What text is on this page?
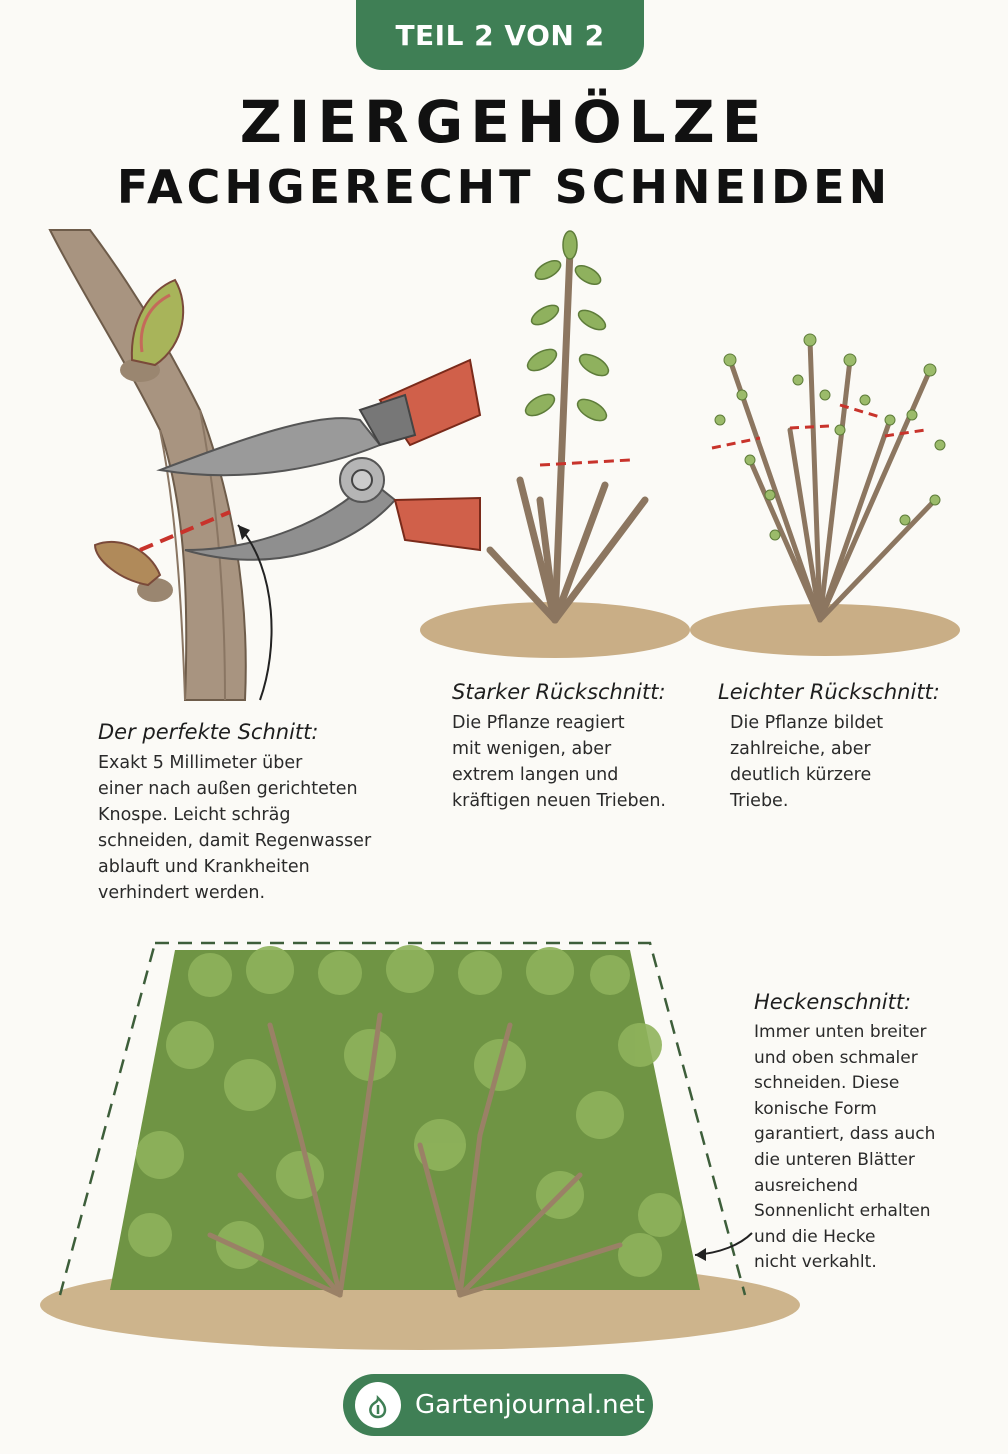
TEIL 2 VON 2
ZIERGEHÖLZE
FACHGERECHT SCHNEIDEN
Starker Rückschnitt:
Die Pflanze reagiert
mit wenigen, aber
extrem langen und
kräftigen neuen Trieben.
Leichter Rückschnitt:
Die Pflanze bildet
zahlreiche, aber
deutlich kürzere
Triebe.
Der perfekte Schnitt:
Exakt 5 Millimeter über
einer nach außen gerichteten
Knospe. Leicht schräg
schneiden, damit Regenwasser
ablauft und Krankheiten
verhindert werden.
Heckenschnitt:
Immer unten breiter
und oben schmaler
schneiden. Diese
konische Form
garantiert, dass auch
die unteren Blätter
ausreichend
Sonnenlicht erhalten
und die Hecke
nicht verkahlt.
Gartenjournal.net
